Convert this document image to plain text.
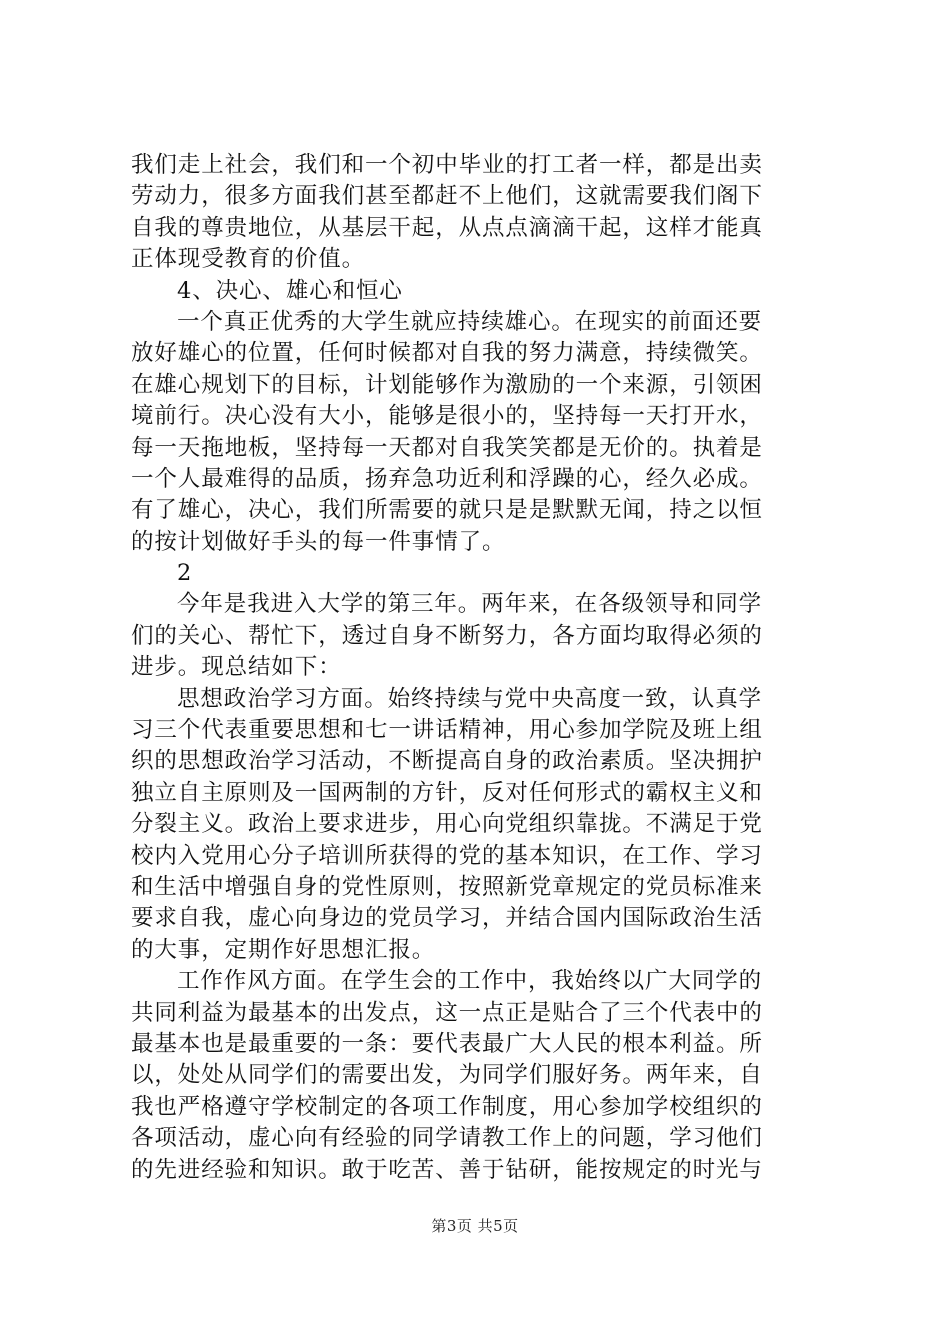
我们走上社会，我们和一个初中毕业的打工者一样，都是出卖
劳动力，很多方面我们甚至都赶不上他们，这就需要我们阁下
自我的尊贵地位，从基层干起，从点点滴滴干起，这样才能真
正体现受教育的价值。
4、决心、雄心和恒心
一个真正优秀的大学生就应持续雄心。在现实的前面还要
放好雄心的位置，任何时候都对自我的努力满意，持续微笑。
在雄心规划下的目标，计划能够作为激励的一个来源，引领困
境前行。决心没有大小，能够是很小的，坚持每一天打开水，
每一天拖地板，坚持每一天都对自我笑笑都是无价的。执着是
一个人最难得的品质，扬弃急功近利和浮躁的心，经久必成。
有了雄心，决心，我们所需要的就只是是默默无闻，持之以恒
的按计划做好手头的每一件事情了。
2
今年是我进入大学的第三年。两年来，在各级领导和同学
们的关心、帮忙下，透过自身不断努力，各方面均取得必须的
进步。现总结如下：
思想政治学习方面。始终持续与党中央高度一致，认真学
习三个代表重要思想和七一讲话精神，用心参加学院及班上组
织的思想政治学习活动，不断提高自身的政治素质。坚决拥护
独立自主原则及一国两制的方针，反对任何形式的霸权主义和
分裂主义。政治上要求进步，用心向党组织靠拢。不满足于党
校内入党用心分子培训所获得的党的基本知识，在工作、学习
和生活中增强自身的党性原则，按照新党章规定的党员标准来
要求自我，虚心向身边的党员学习，并结合国内国际政治生活
的大事，定期作好思想汇报。
工作作风方面。在学生会的工作中，我始终以广大同学的
共同利益为最基本的出发点，这一点正是贴合了三个代表中的
最基本也是最重要的一条：要代表最广大人民的根本利益。所
以，处处从同学们的需要出发，为同学们服好务。两年来，自
我也严格遵守学校制定的各项工作制度，用心参加学校组织的
各项活动，虚心向有经验的同学请教工作上的问题，学习他们
的先进经验和知识。敢于吃苦、善于钻研，能按规定的时光与
第3页 共5页
